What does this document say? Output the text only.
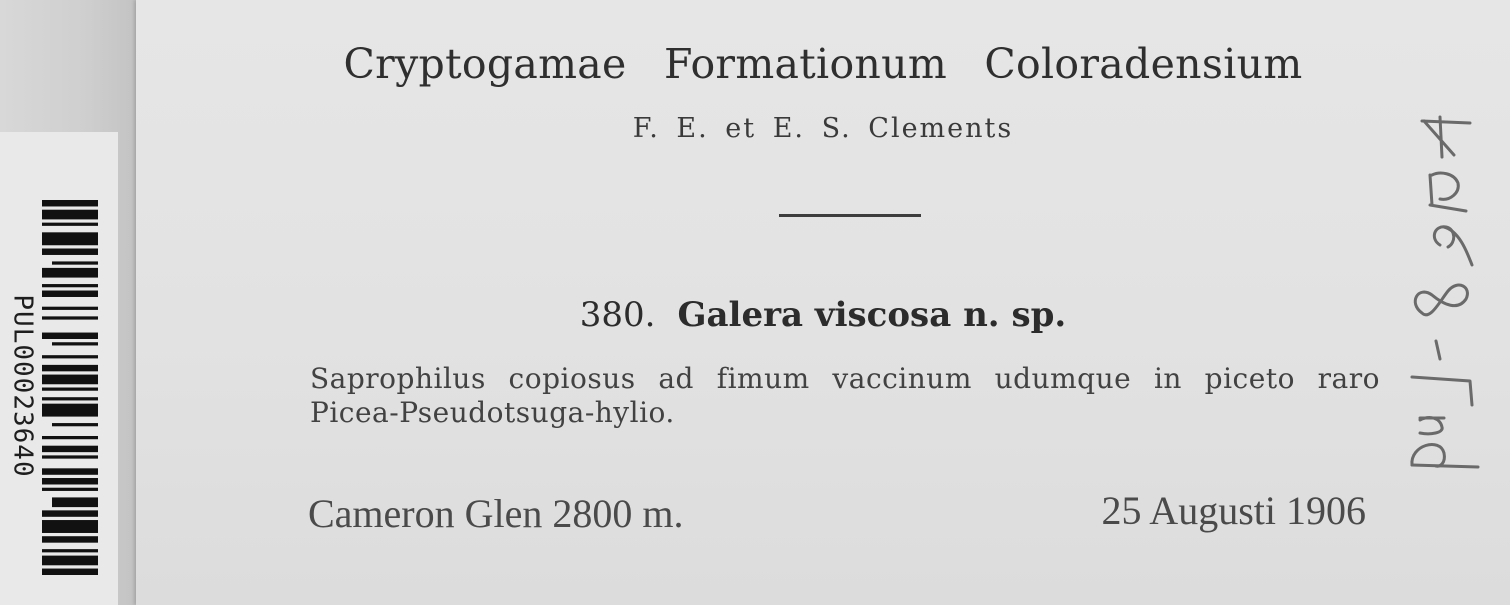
PUL00023640
Cryptogamae Formationum Coloradensium
F. E. et E. S. Clements
380. Galera viscosa n. sp.
Saprophilus copiosus ad fimum vaccinum udumque in piceto raro Picea-Pseudotsuga-hylio.
Cameron Glen 2800 m.	25 Augusti 1906
